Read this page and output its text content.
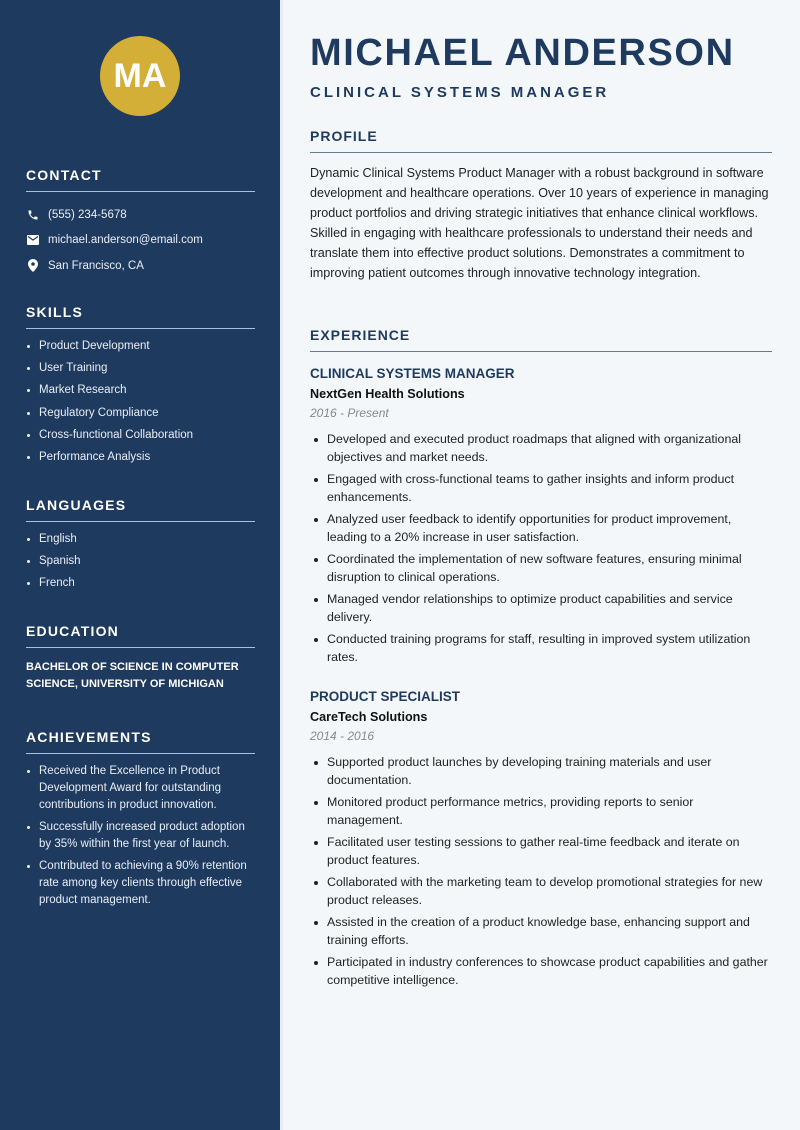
MA
CONTACT
(555) 234-5678
michael.anderson@email.com
San Francisco, CA
SKILLS
Product Development
User Training
Market Research
Regulatory Compliance
Cross-functional Collaboration
Performance Analysis
LANGUAGES
English
Spanish
French
EDUCATION

BACHELOR OF SCIENCE IN COMPUTER SCIENCE, UNIVERSITY OF MICHIGAN

ACHIEVEMENTS
Received the Excellence in Product Development Award for outstanding contributions in product innovation.
Successfully increased product adoption by 35% within the first year of launch.
Contributed to achieving a 90% retention rate among key clients through effective product management.
MICHAEL ANDERSON
CLINICAL SYSTEMS MANAGER
PROFILE

Dynamic Clinical Systems Product Manager with a robust background in software development and healthcare operations. Over 10 years of experience in managing product portfolios and driving strategic initiatives that enhance clinical workflows. Skilled in engaging with healthcare professionals to understand their needs and translate them into effective product solutions. Demonstrates a commitment to improving patient outcomes through innovative technology integration.

EXPERIENCE
CLINICAL SYSTEMS MANAGER
NextGen Health Solutions
2016 - Present
Developed and executed product roadmaps that aligned with organizational objectives and market needs.
Engaged with cross-functional teams to gather insights and inform product enhancements.
Analyzed user feedback to identify opportunities for product improvement, leading to a 20% increase in user satisfaction.
Coordinated the implementation of new software features, ensuring minimal disruption to clinical operations.
Managed vendor relationships to optimize product capabilities and service delivery.
Conducted training programs for staff, resulting in improved system utilization rates.
PRODUCT SPECIALIST
CareTech Solutions
2014 - 2016
Supported product launches by developing training materials and user documentation.
Monitored product performance metrics, providing reports to senior management.
Facilitated user testing sessions to gather real-time feedback and iterate on product features.
Collaborated with the marketing team to develop promotional strategies for new product releases.
Assisted in the creation of a product knowledge base, enhancing support and training efforts.
Participated in industry conferences to showcase product capabilities and gather competitive intelligence.
